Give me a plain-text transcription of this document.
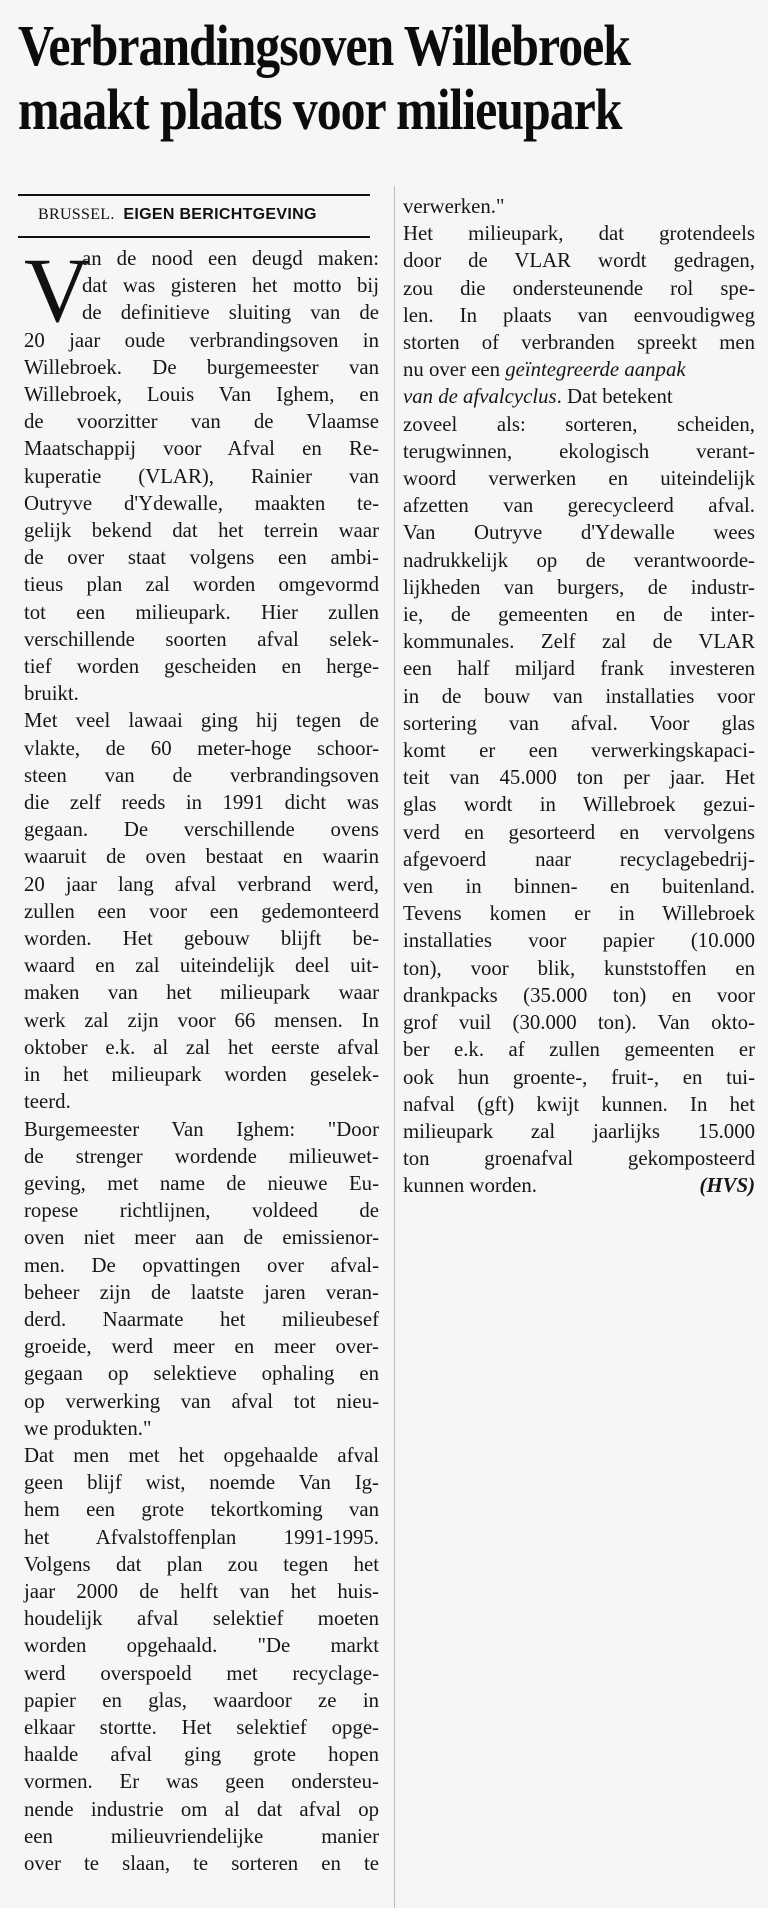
Verbrandingsoven Willebroek
maakt plaats voor milieupark
BRUSSEL. EIGEN BERICHTGEVING
V
an de nood een deugd maken:
dat was gisteren het motto bij
de definitieve sluiting van de
20 jaar oude verbrandingsoven in
Willebroek. De burgemeester van
Willebroek, Louis Van Ighem, en
de voorzitter van de Vlaamse
Maatschappij voor Afval en Re-
kuperatie (VLAR), Rainier van
Outryve d'Ydewalle, maakten te-
gelijk bekend dat het terrein waar
de over staat volgens een ambi-
tieus plan zal worden omgevormd
tot een milieupark. Hier zullen
verschillende soorten afval selek-
tief worden gescheiden en herge-
bruikt.
Met veel lawaai ging hij tegen de
vlakte, de 60 meter-hoge schoor-
steen van de verbrandingsoven
die zelf reeds in 1991 dicht was
gegaan. De verschillende ovens
waaruit de oven bestaat en waarin
20 jaar lang afval verbrand werd,
zullen een voor een gedemonteerd
worden. Het gebouw blijft be-
waard en zal uiteindelijk deel uit-
maken van het milieupark waar
werk zal zijn voor 66 mensen. In
oktober e.k. al zal het eerste afval
in het milieupark worden geselek-
teerd.
Burgemeester Van Ighem: "Door
de strenger wordende milieuwet-
geving, met name de nieuwe Eu-
ropese richtlijnen, voldeed de
oven niet meer aan de emissienor-
men. De opvattingen over afval-
beheer zijn de laatste jaren veran-
derd. Naarmate het milieubesef
groeide, werd meer en meer over-
gegaan op selektieve ophaling en
op verwerking van afval tot nieu-
we produkten."
Dat men met het opgehaalde afval
geen blijf wist, noemde Van Ig-
hem een grote tekortkoming van
het Afvalstoffenplan 1991-1995.
Volgens dat plan zou tegen het
jaar 2000 de helft van het huis-
houdelijk afval selektief moeten
worden opgehaald. "De markt
werd overspoeld met recyclage-
papier en glas, waardoor ze in
elkaar stortte. Het selektief opge-
haalde afval ging grote hopen
vormen. Er was geen ondersteu-
nende industrie om al dat afval op
een milieuvriendelijke manier
over te slaan, te sorteren en te
verwerken."
Het milieupark, dat grotendeels
door de VLAR wordt gedragen,
zou die ondersteunende rol spe-
len. In plaats van eenvoudigweg
storten of verbranden spreekt men
nu over een geïntegreerde aanpak
van de afvalcyclus. Dat betekent
zoveel als: sorteren, scheiden,
terugwinnen, ekologisch verant-
woord verwerken en uiteindelijk
afzetten van gerecycleerd afval.
Van Outryve d'Ydewalle wees
nadrukkelijk op de verantwoorde-
lijkheden van burgers, de industr-
ie, de gemeenten en de inter-
kommunales. Zelf zal de VLAR
een half miljard frank investeren
in de bouw van installaties voor
sortering van afval. Voor glas
komt er een verwerkingskapaci-
teit van 45.000 ton per jaar. Het
glas wordt in Willebroek gezui-
verd en gesorteerd en vervolgens
afgevoerd naar recyclagebedrij-
ven in binnen- en buitenland.
Tevens komen er in Willebroek
installaties voor papier (10.000
ton), voor blik, kunststoffen en
drankpacks (35.000 ton) en voor
grof vuil (30.000 ton). Van okto-
ber e.k. af zullen gemeenten er
ook hun groente-, fruit-, en tui-
nafval (gft) kwijt kunnen. In het
milieupark zal jaarlijks 15.000
ton groenafval gekomposteerd
kunnen worden.	(HVS)
